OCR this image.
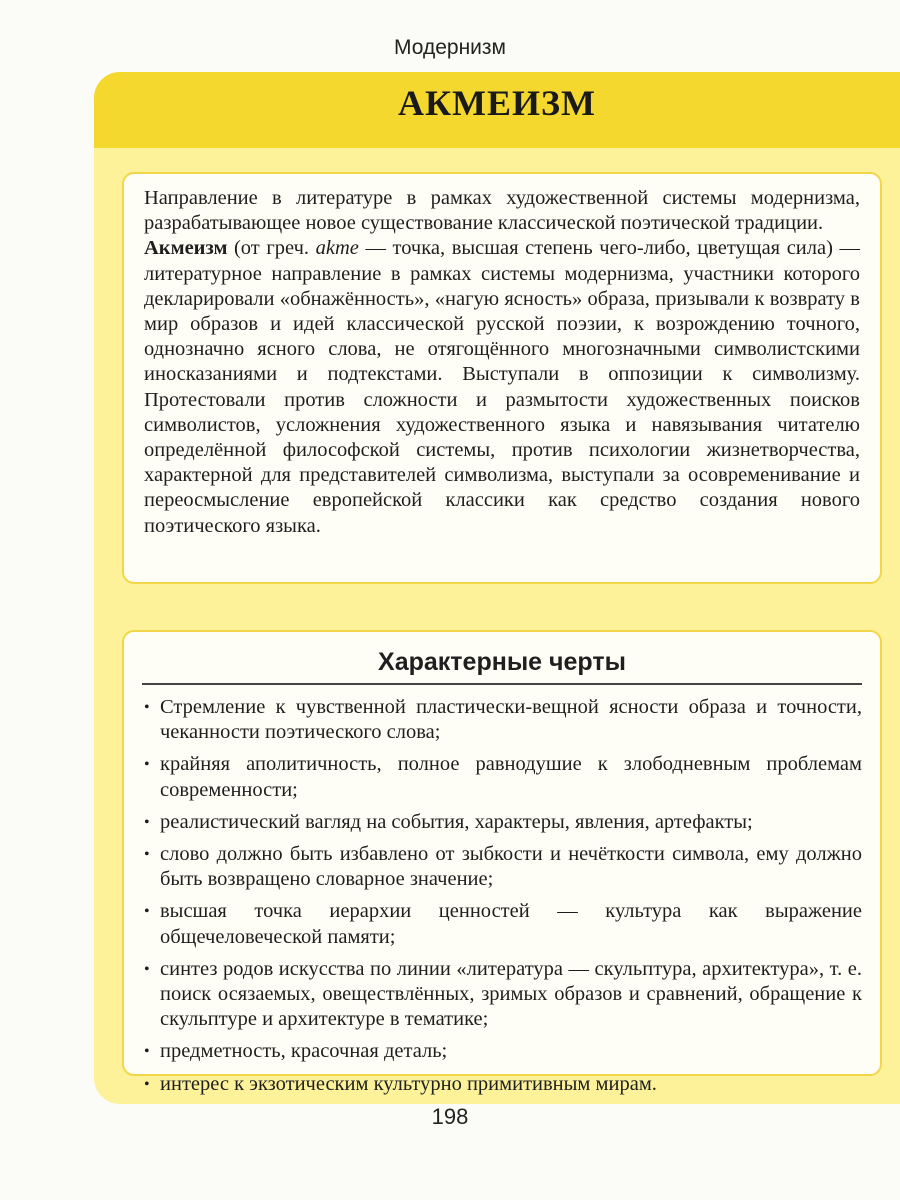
Модернизм
АКМЕИЗМ

Направление в литературе в рамках художественной системы модернизма, разрабатывающее новое существование классической поэтической традиции.

Акмеизм (от греч. akme — точка, высшая степень чего-либо, цветущая сила) — литературное направление в рамках системы модернизма, участники которого декларировали «обнажённость», «нагую ясность» образа, призывали к возврату в мир образов и идей классической русской поэзии, к возрождению точного, однозначно ясного слова, не отягощённого многозначными символистскими иносказаниями и подтекстами. Выступали в оппозиции к символизму. Протестовали против сложности и размытости художественных поисков символистов, усложнения художественного языка и навязывания читателю определённой философской системы, против психологии жизнетворчества, характерной для представителей символизма, выступали за осовременивание и переосмысление европейской классики как средство создания нового поэтического языка.

Характерные черты
• Стремление к чувственной пластически-вещной ясности образа и точности, чеканности поэтического слова;
• крайняя аполитичность, полное равнодушие к злободневным проблемам современности;
• реалистический вагляд на события, характеры, явления, артефакты;
• слово должно быть избавлено от зыбкости и нечёткости символа, ему должно быть возвращено словарное значение;
• высшая точка иерархии ценностей — культура как выражение общечеловеческой памяти;
• синтез родов искусства по линии «литература — скульптура, архитектура», т. е. поиск осязаемых, овеществлённых, зримых образов и сравнений, обращение к скульптуре и архитектуре в тематике;
• предметность, красочная деталь;
• интерес к экзотическим культурно примитивным мирам.
198
